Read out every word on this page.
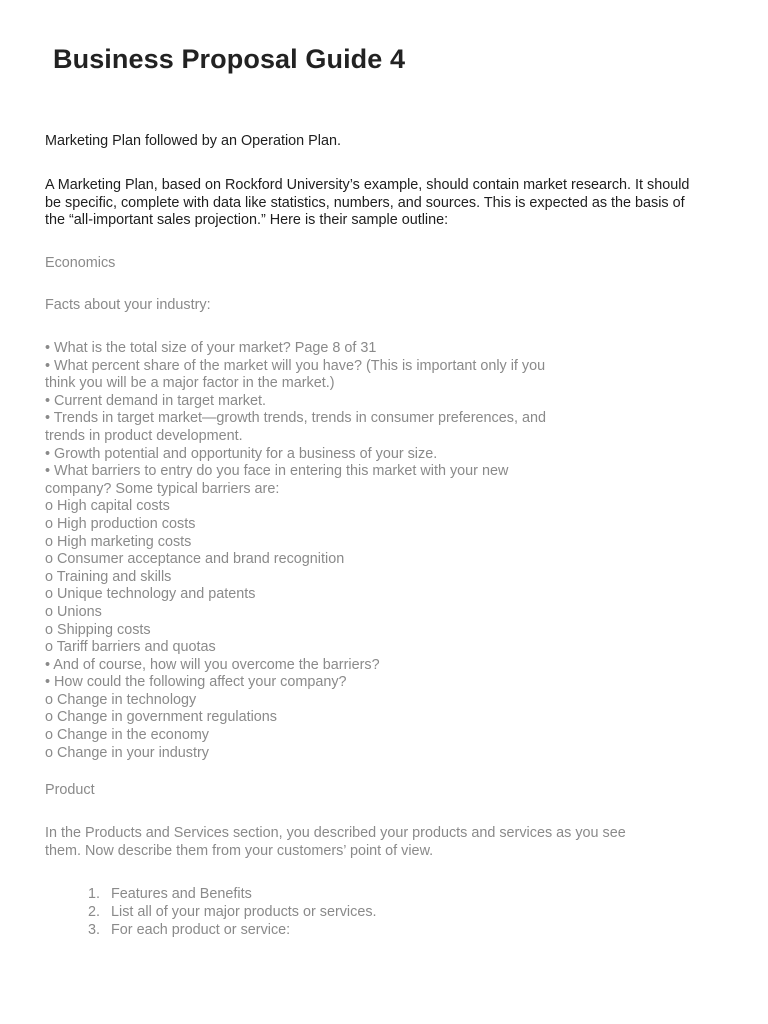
Business Proposal Guide 4
Marketing Plan followed by an Operation Plan.
A Marketing Plan, based on Rockford University’s example, should contain market research. It should
be specific, complete with data like statistics, numbers, and sources. This is expected as the basis of
the “all-important sales projection.” Here is their sample outline:
Economics
Facts about your industry:
• What is the total size of your market? Page 8 of 31
• What percent share of the market will you have? (This is important only if you
think you will be a major factor in the market.)
• Current demand in target market.
• Trends in target market—growth trends, trends in consumer preferences, and
trends in product development.
• Growth potential and opportunity for a business of your size.
• What barriers to entry do you face in entering this market with your new
company? Some typical barriers are:
o High capital costs
o High production costs
o High marketing costs
o Consumer acceptance and brand recognition
o Training and skills
o Unique technology and patents
o Unions
o Shipping costs
o Tariff barriers and quotas
• And of course, how will you overcome the barriers?
• How could the following affect your company?
o Change in technology
o Change in government regulations
o Change in the economy
o Change in your industry
Product
In the Products and Services section, you described your products and services as you see
them. Now describe them from your customers’ point of view.
1. Features and Benefits
2. List all of your major products or services.
3. For each product or service:
